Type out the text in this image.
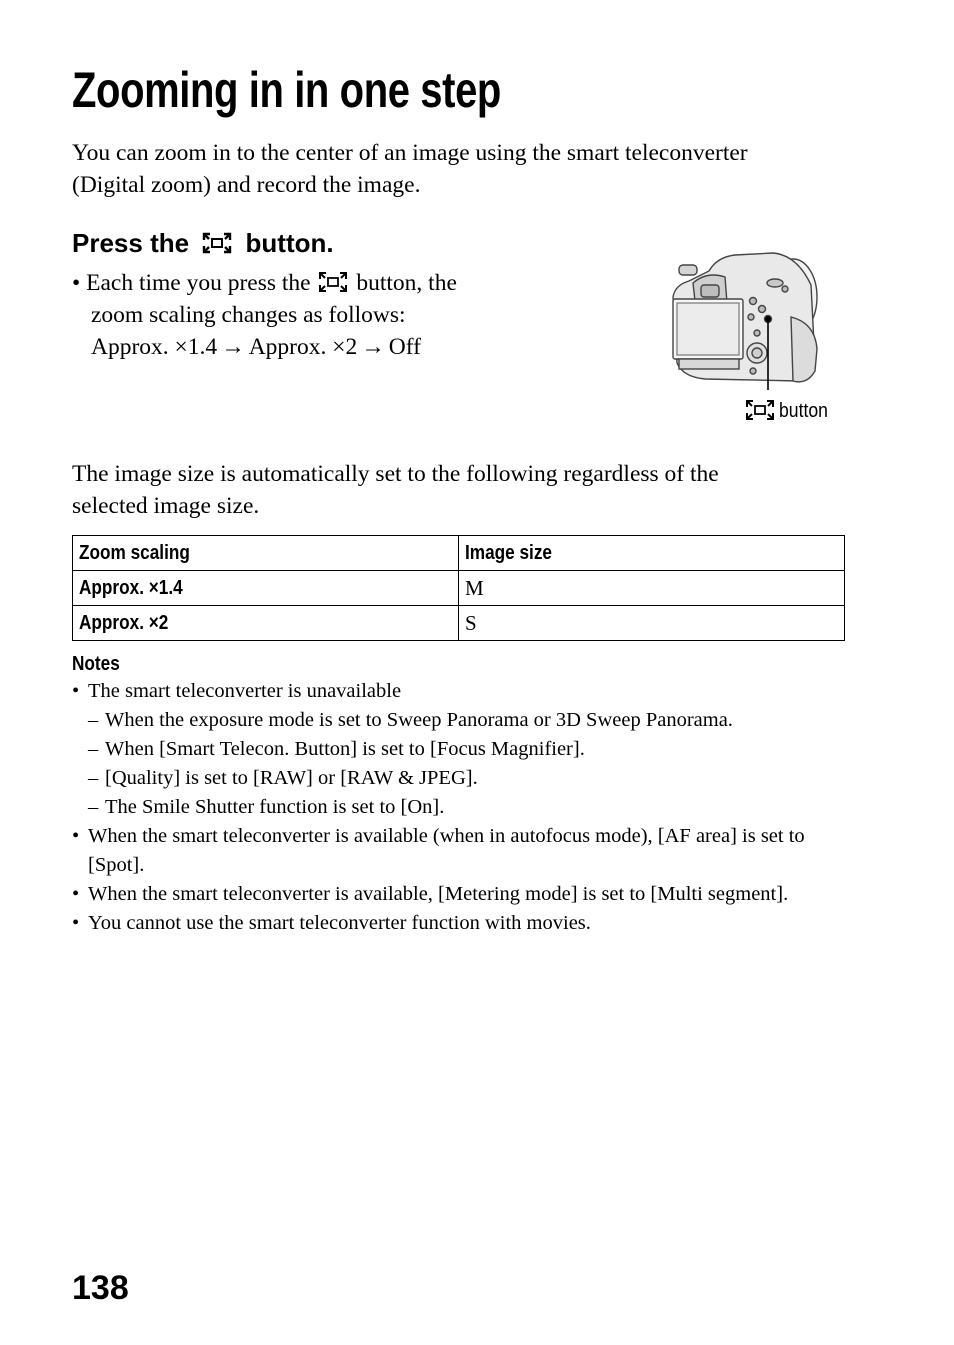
Zooming in in one step

You can zoom in to the center of an image using the smart teleconverter
(Digital zoom) and record the image.

Press the button.
• Each time you press the button, the
zoom scaling changes as follows:
Approx. ×1.4 → Approx. ×2 → Off
button

The image size is automatically set to the following regardless of the
selected image size.

Zoom scaling	Image size
Approx. ×1.4	M
Approx. ×2	S
Notes
• The smart teleconverter is unavailable
– When the exposure mode is set to Sweep Panorama or 3D Sweep Panorama.
– When [Smart Telecon. Button] is set to [Focus Magnifier].
– [Quality] is set to [RAW] or [RAW & JPEG].
– The Smile Shutter function is set to [On].
• When the smart teleconverter is available (when in autofocus mode), [AF area] is set to [Spot].
• When the smart teleconverter is available, [Metering mode] is set to [Multi segment].
• You cannot use the smart teleconverter function with movies.
138
